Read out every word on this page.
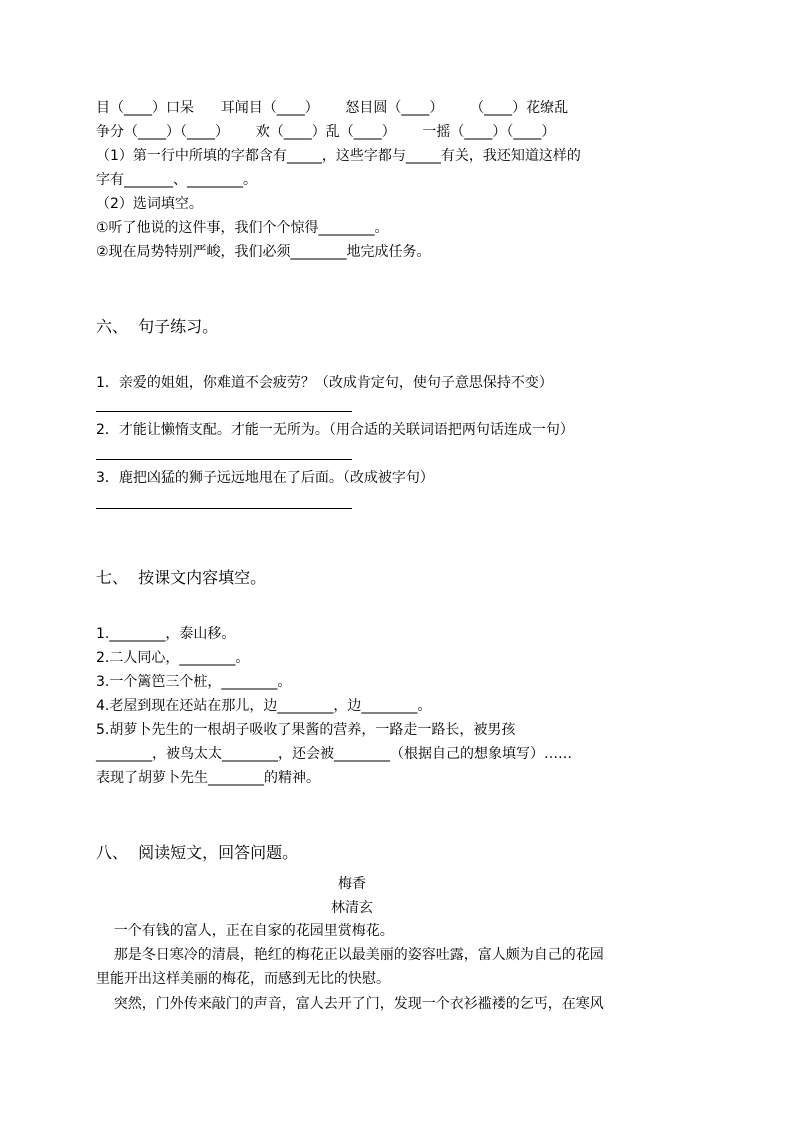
目（____）口呆      耳闻目（____）      怒目圆（____）      （____）花缭乱
争分（____）（____）      欢（____）乱（____）      一摇（____）（____）
（1）第一行中所填的字都含有_____，这些字都与_____有关，我还知道这样的
字有_______、________。
（2）选词填空。
①听了他说的这件事，我们个个惊得________。
②现在局势特别严峻，我们必须________地完成任务。
六、  句子练习。
1．亲爱的姐姐，你难道不会疲劳？（改成肯定句，使句子意思保持不变）
2．才能让懒惰支配。才能一无所为。（用合适的关联词语把两句话连成一句）
3．鹿把凶猛的狮子远远地甩在了后面。（改成被字句）
七、  按课文内容填空。
1.________，泰山移。
2.二人同心，________。
3.一个篱笆三个桩，________。
4.老屋到现在还站在那儿，边________，边________。
5.胡萝卜先生的一根胡子吸收了果酱的营养，一路走一路长，被男孩
________，被鸟太太________，还会被________（根据自己的想象填写）……
表现了胡萝卜先生________的精神。
八、  阅读短文，回答问题。
梅香
林清玄
一个有钱的富人，正在自家的花园里赏梅花。
那是冬日寒冷的清晨，艳红的梅花正以最美丽的姿容吐露，富人颇为自己的花园
里能开出这样美丽的梅花，而感到无比的快慰。
突然，门外传来敲门的声音，富人去开了门，发现一个衣衫褴褛的乞丐，在寒风
